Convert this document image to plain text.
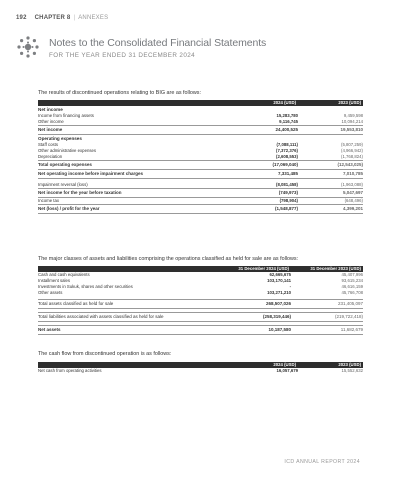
192 CHAPTER 8 | ANNEXES
Notes to the Consolidated Financial Statements
FOR THE YEAR ENDED 31 DECEMBER 2024
The results of discontinued operations relating to BIG are as follows:
	2024 (USD)	2023 (USD)
Net income		
Income from financing assets	15,283,780	9,459,598
Other income	9,116,745	10,094,214
Net income	24,400,525	19,553,810
Operating expenses		
Staff costs	(7,088,111)	(5,807,259)
Other administrative expenses	(7,372,376)	(4,966,942)
Depreciation	(2,608,553)	(1,768,824)
Total operating expenses	(17,069,040)	(12,543,025)
Net operating income before impairment charges	7,331,485	7,010,785

Impairment reversal (loss)	(8,081,458)	(1,963,088)
Net income for the year before taxation	(749,973)	5,047,697
Income tax	(798,904)	(648,496)
Net (loss) / profit for the year	(1,548,877)	4,399,201
The major classes of assets and liabilities comprising the operations classified as held for sale are as follows:
	31 December 2024 (USD)	31 December 2023 (USD)
Cash and cash equivalents	62,665,675	45,407,996
Installment sales	103,170,141	93,615,234
Investments in Sukuk, shares and other securities	-	46,616,159
Other assets	103,271,210	45,766,708

Total assets classified as held for sale	268,507,026	231,405,097

Total liabilities associated with assets classified as held for sale	(258,319,446)	(219,722,418)

Net assets	10,187,580	11,682,679
The cash flow from discontinued operation is as follows:
	2024 (USD)	2023 (USD)
Net cash from operating activities	16,057,679	15,552,632
ICD ANNUAL REPORT 2024
